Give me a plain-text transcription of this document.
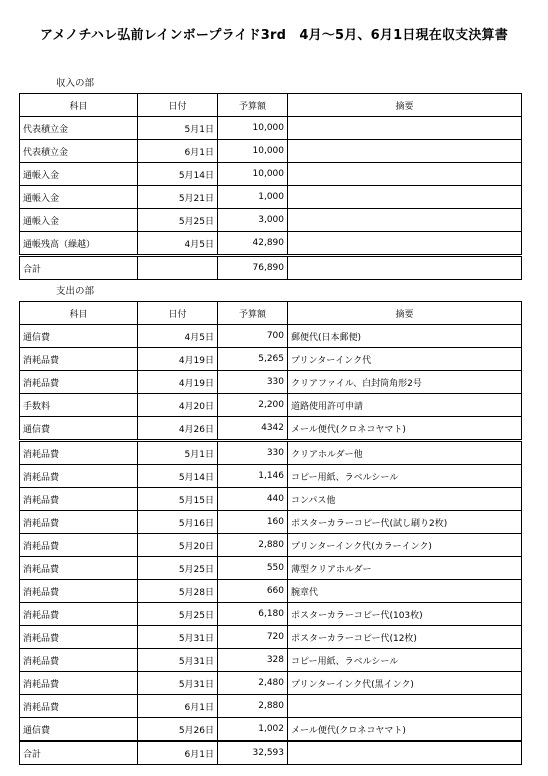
アメノチハレ弘前レインボープライド3rd　4月～5月、6月1日現在収支決算書
収入の部
科目	日付	予算額	摘要
代表積立金	5月1日	10,000	
代表積立金	6月1日	10,000	
通帳入金	5月14日	10,000	
通帳入金	5月21日	1,000	
通帳入金	5月25日	3,000	
通帳残高（繰越）	4月5日	42,890	
合計		76,890	
支出の部
科目	日付	予算額	摘要
通信費	4月5日	700	郵便代(日本郵便)
消耗品費	4月19日	5,265	プリンターインク代
消耗品費	4月19日	330	クリアファイル、白封筒角形2号
手数料	4月20日	2,200	道路使用許可申請
通信費	4月26日	4342	メール便代(クロネコヤマト)
消耗品費	5月1日	330	クリアホルダー他
消耗品費	5月14日	1,146	コピー用紙、ラベルシール
消耗品費	5月15日	440	コンパス他
消耗品費	5月16日	160	ポスターカラーコピー代(試し刷り2枚)
消耗品費	5月20日	2,880	プリンターインク代(カラーインク)
消耗品費	5月25日	550	薄型クリアホルダー
消耗品費	5月28日	660	腕章代
消耗品費	5月25日	6,180	ポスターカラーコピー代(103枚)
消耗品費	5月31日	720	ポスターカラーコピー代(12枚)
消耗品費	5月31日	328	コピー用紙、ラベルシール
消耗品費	5月31日	2,480	プリンターインク代(黒インク)
消耗品費	6月1日	2,880	
通信費	5月26日	1,002	メール便代(クロネコヤマト)
合計	6月1日	32,593	
